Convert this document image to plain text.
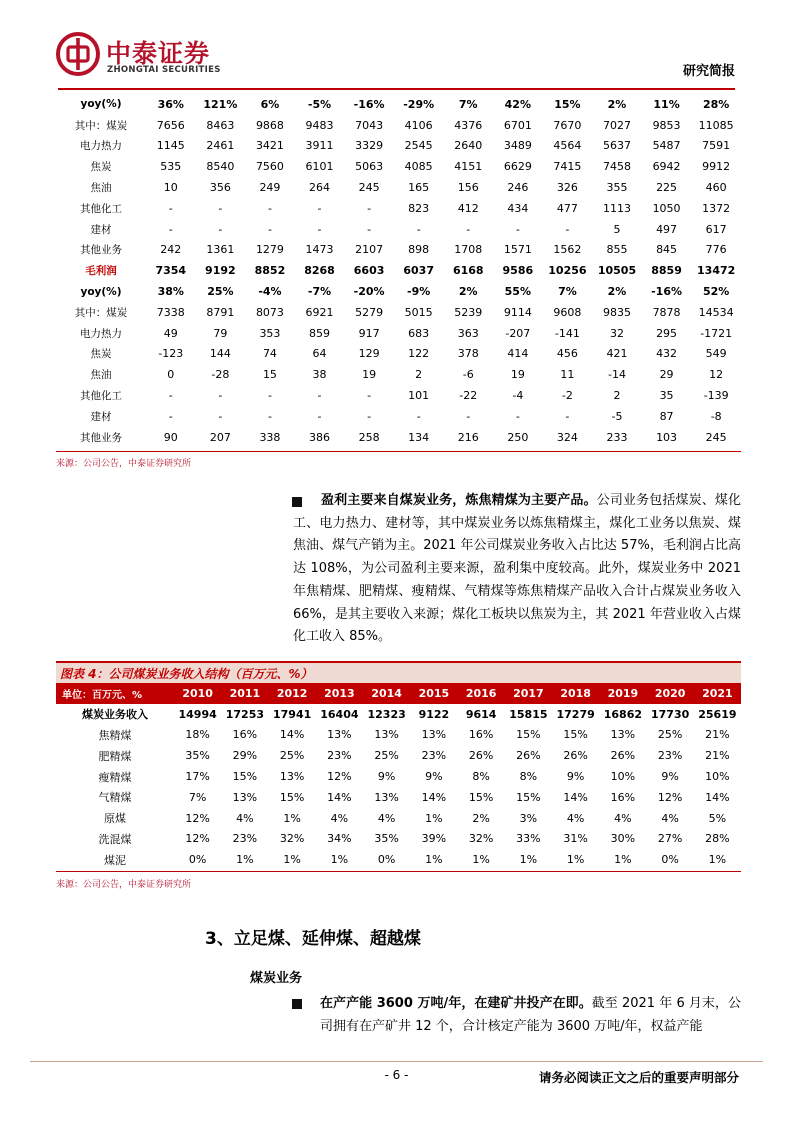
中泰证券
ZHONGTAI SECURITIES	研究简报
yoy(%)	36%	121%	6%	-5%	-16%	-29%	7%	42%	15%	2%	11%	28%
其中：煤炭	7656	8463	9868	9483	7043	4106	4376	6701	7670	7027	9853	11085
电力热力	1145	2461	3421	3911	3329	2545	2640	3489	4564	5637	5487	7591
焦炭	535	8540	7560	6101	5063	4085	4151	6629	7415	7458	6942	9912
焦油	10	356	249	264	245	165	156	246	326	355	225	460
其他化工	-	-	-	-	-	823	412	434	477	1113	1050	1372
建材	-	-	-	-	-	-	-	-	-	5	497	617
其他业务	242	1361	1279	1473	2107	898	1708	1571	1562	855	845	776
毛利润	7354	9192	8852	8268	6603	6037	6168	9586	10256	10505	8859	13472
yoy(%)	38%	25%	-4%	-7%	-20%	-9%	2%	55%	7%	2%	-16%	52%
其中：煤炭	7338	8791	8073	6921	5279	5015	5239	9114	9608	9835	7878	14534
电力热力	49	79	353	859	917	683	363	-207	-141	32	295	-1721
焦炭	-123	144	74	64	129	122	378	414	456	421	432	549
焦油	0	-28	15	38	19	2	-6	19	11	-14	29	12
其他化工	-	-	-	-	-	101	-22	-4	-2	2	35	-139
建材	-	-	-	-	-	-	-	-	-	-5	87	-8
其他业务	90	207	338	386	258	134	216	250	324	233	103	245
来源：公司公告，中泰证券研究所
盈利主要来自煤炭业务，炼焦精煤为主要产品。公司业务包括煤炭、煤化工、电力热力、建材等，其中煤炭业务以炼焦精煤主，煤化工业务以焦炭、煤焦油、煤气产销为主。2021 年公司煤炭业务收入占比达 57%，毛利润占比高达 108%，为公司盈利主要来源，盈利集中度较高。此外，煤炭业务中 2021 年焦精煤、肥精煤、瘦精煤、气精煤等炼焦精煤产品收入合计占煤炭业务收入 66%，是其主要收入来源；煤化工板块以焦炭为主，其 2021 年营业收入占煤化工收入 85%。
图表 4：公司煤炭业务收入结构（百万元、%）
单位：百万元、%	2010	2011	2012	2013	2014	2015	2016	2017	2018	2019	2020	2021
煤炭业务收入	14994	17253	17941	16404	12323	9122	9614	15815	17279	16862	17730	25619
焦精煤	18%	16%	14%	13%	13%	13%	16%	15%	15%	13%	25%	21%
肥精煤	35%	29%	25%	23%	25%	23%	26%	26%	26%	26%	23%	21%
瘦精煤	17%	15%	13%	12%	9%	9%	8%	8%	9%	10%	9%	10%
气精煤	7%	13%	15%	14%	13%	14%	15%	15%	14%	16%	12%	14%
原煤	12%	4%	1%	4%	4%	1%	2%	3%	4%	4%	4%	5%
洗混煤	12%	23%	32%	34%	35%	39%	32%	33%	31%	30%	27%	28%
煤泥	0%	1%	1%	1%	0%	1%	1%	1%	1%	1%	0%	1%
来源：公司公告，中泰证券研究所
3、立足煤、延伸煤、超越煤
煤炭业务
在产产能 3600 万吨/年，在建矿井投产在即。截至 2021 年 6 月末，公司拥有在产矿井 12 个，合计核定产能为 3600 万吨/年，权益产能
- 6 -	请务必阅读正文之后的重要声明部分
